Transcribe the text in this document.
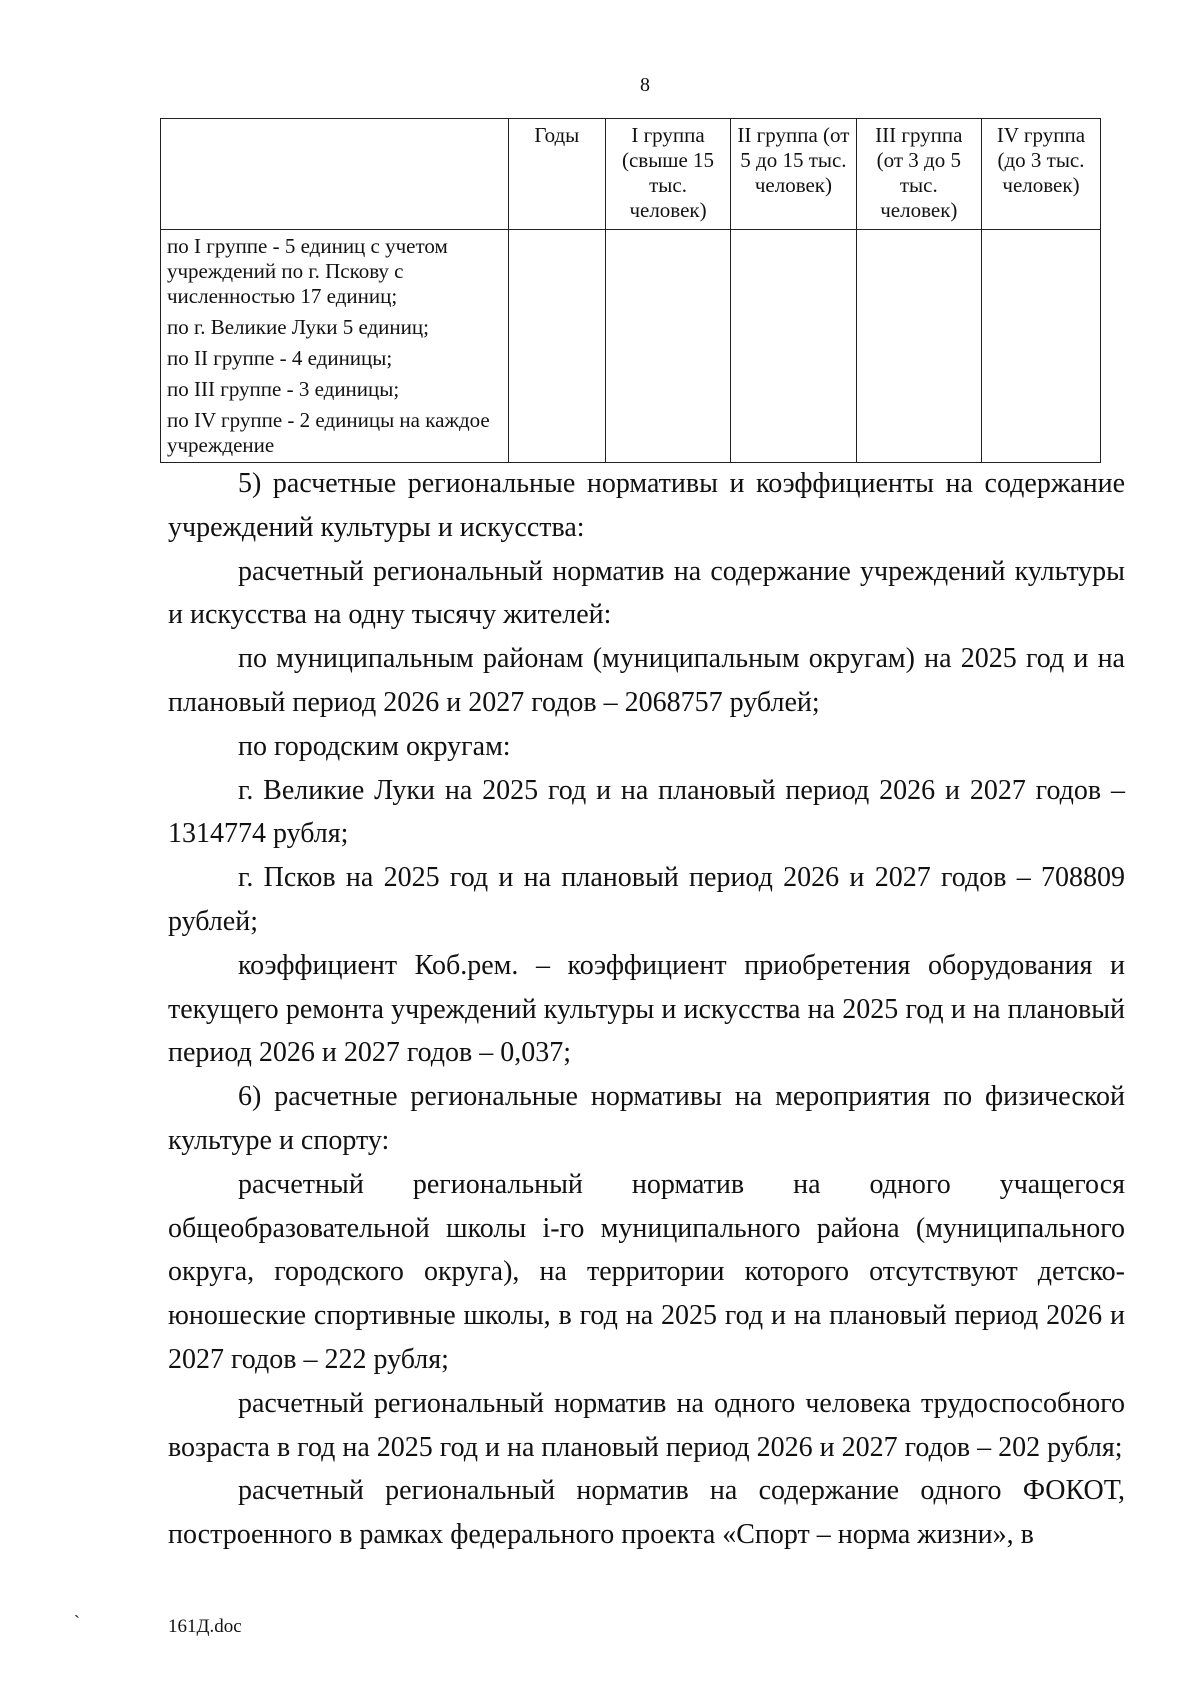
8
	Годы	I группа (свыше 15 тыс. человек)	II группа (от 5 до 15 тыс. человек)	III группа (от 3 до 5 тыс. человек)	IV группа (до 3 тыс. человек)

по I группе - 5 единиц с учетом учреждений по г. Пскову с численностью 17 единиц;

по г. Великие Луки 5 единиц;

по II группе - 4 единицы;

по III группе - 3 единицы;

по IV группе - 2 единицы на каждое учреждение					

5) расчетные региональные нормативы и коэффициенты на содержание учреждений культуры и искусства:

расчетный региональный норматив на содержание учреждений культуры и искусства на одну тысячу жителей:

по муниципальным районам (муниципальным округам) на 2025 год и на плановый период 2026 и 2027 годов – 2068757 рублей;

по городским округам:

г. Великие Луки на 2025 год и на плановый период 2026 и 2027 годов – 1314774 рубля;

г. Псков на 2025 год и на плановый период 2026 и 2027 годов – 708809 рублей;

коэффициент Коб.рем. – коэффициент приобретения оборудования и текущего ремонта учреждений культуры и искусства на 2025 год и на плановый период 2026 и 2027 годов – 0,037;

6) расчетные региональные нормативы на мероприятия по физической культуре и спорту:

расчетный региональный норматив на одного учащегося общеобразовательной школы i-го муниципального района (муниципального округа, городского округа), на территории которого отсутствуют детско-юношеские спортивные школы, в год на 2025 год и на плановый период 2026 и 2027 годов – 222 рубля;

расчетный региональный норматив на одного человека трудоспособного возраста в год на 2025 год и на плановый период 2026 и 2027 годов – 202 рубля;

расчетный региональный норматив на содержание одного ФОКОТ, построенного в рамках федерального проекта «Спорт – норма жизни», в

`	161Д.doc
